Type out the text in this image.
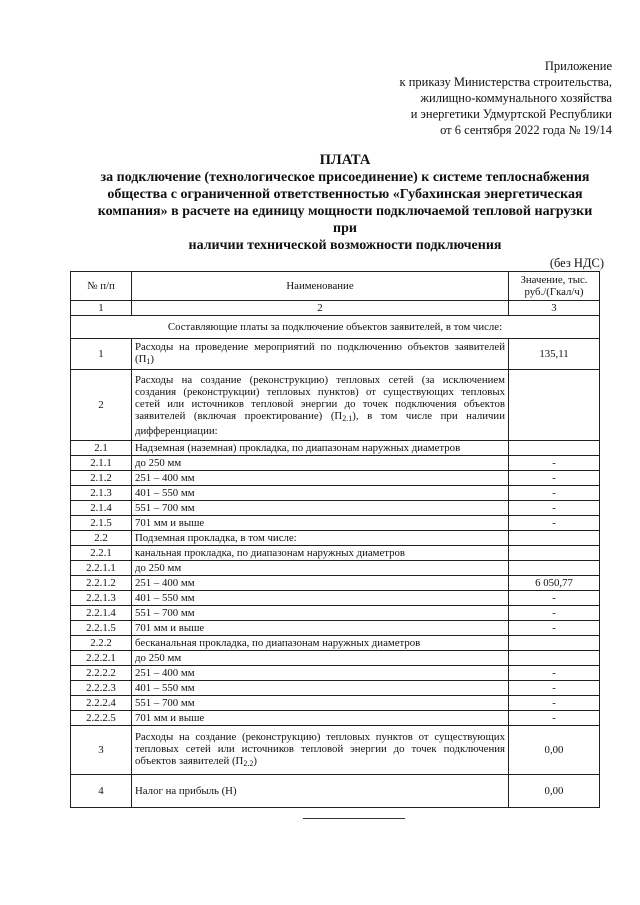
Приложение
к приказу Министерства строительства,
жилищно-коммунального хозяйства
и энергетики Удмуртской Республики
от 6 сентября 2022 года № 19/14
ПЛАТА
за подключение (технологическое присоединение) к системе теплоснабжения
общества с ограниченной ответственностью «Губахинская энергетическая
компания» в расчете на единицу мощности подключаемой тепловой нагрузки при
наличии технической возможности подключения
(без НДС)
№ п/п	Наименование	Значение, тыс. руб./(Гкал/ч)
1	2	3
Составляющие платы за подключение объектов заявителей, в том числе:		
1	Расходы на проведение мероприятий по подключению объектов заявителей $(П_1)$	135,11
2	Расходы на создание (реконструкцию) тепловых сетей (за исключением создания (реконструкции) тепловых пунктов) от существующих тепловых сетей или источников тепловой энергии до точек подключения объектов заявителей (включая проектирование) $(П_{2.1})$, в том числе при наличии дифференциации:	
2.1	Надземная (наземная) прокладка, по диапазонам наружных диаметров	
2.1.1	до 250 мм	-
2.1.2	251 – 400 мм	-
2.1.3	401 – 550 мм	-
2.1.4	551 – 700 мм	-
2.1.5	701 мм и выше	-
2.2	Подземная прокладка, в том числе:	
2.2.1	канальная прокладка, по диапазонам наружных диаметров	
2.2.1.1	до 250 мм	
2.2.1.2	251 – 400 мм	6 050,77
2.2.1.3	401 – 550 мм	-
2.2.1.4	551 – 700 мм	-
2.2.1.5	701 мм и выше	-
2.2.2	бесканальная прокладка, по диапазонам наружных диаметров	
2.2.2.1	до 250 мм	
2.2.2.2	251 – 400 мм	-
2.2.2.3	401 – 550 мм	-
2.2.2.4	551 – 700 мм	-
2.2.2.5	701 мм и выше	-
3	Расходы на создание (реконструкцию) тепловых пунктов от существующих тепловых сетей или источников тепловой энергии до точек подключения объектов заявителей $(П_{2.2})$	0,00
4	Налог на прибыль (Н)	0,00
